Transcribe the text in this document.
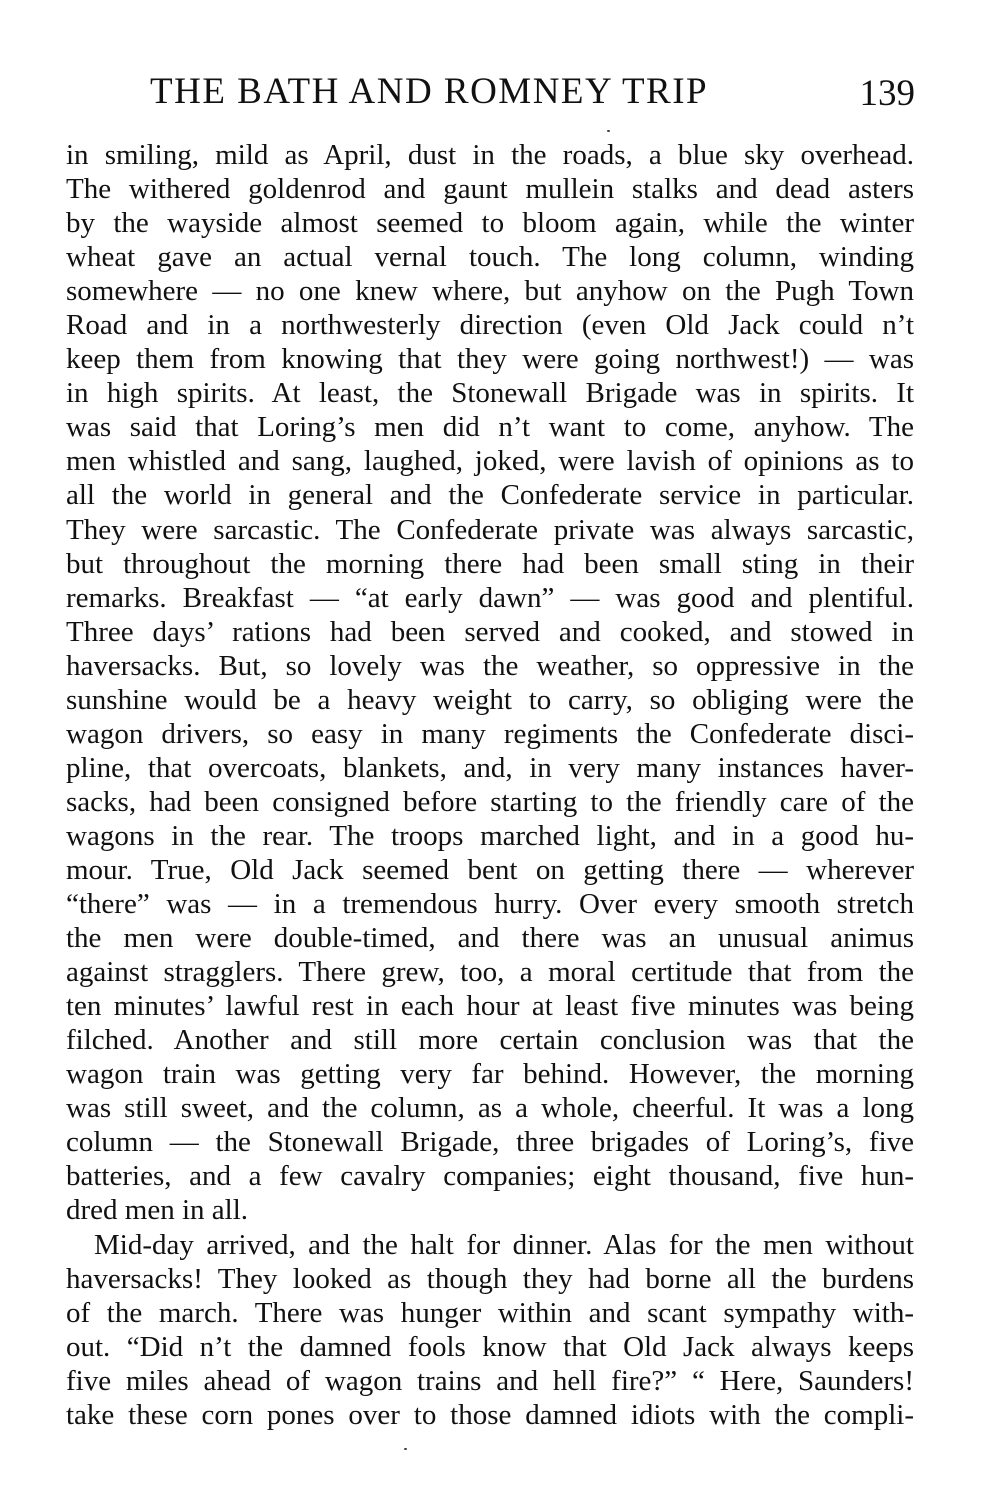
THE BATH AND ROMNEY TRIP	139
in smiling, mild as April, dust in the roads, a blue sky overhead.
The withered goldenrod and gaunt mullein stalks and dead asters
by the wayside almost seemed to bloom again, while the winter
wheat gave an actual vernal touch. The long column, winding
somewhere — no one knew where, but anyhow on the Pugh Town
Road and in a northwesterly direction (even Old Jack could n’t
keep them from knowing that they were going northwest!) — was
in high spirits. At least, the Stonewall Brigade was in spirits. It
was said that Loring’s men did n’t want to come, anyhow. The
men whistled and sang, laughed, joked, were lavish of opinions as to
all the world in general and the Confederate service in particular.
They were sarcastic. The Confederate private was always sarcastic,
but throughout the morning there had been small sting in their
remarks. Breakfast — “at early dawn” — was good and plentiful.
Three days’ rations had been served and cooked, and stowed in
haversacks. But, so lovely was the weather, so oppressive in the
sunshine would be a heavy weight to carry, so obliging were the
wagon drivers, so easy in many regiments the Confederate disci-
pline, that overcoats, blankets, and, in very many instances haver-
sacks, had been consigned before starting to the friendly care of the
wagons in the rear. The troops marched light, and in a good hu-
mour. True, Old Jack seemed bent on getting there — wherever
“there” was — in a tremendous hurry. Over every smooth stretch
the men were double-timed, and there was an unusual animus
against stragglers. There grew, too, a moral certitude that from the
ten minutes’ lawful rest in each hour at least five minutes was being
filched. Another and still more certain conclusion was that the
wagon train was getting very far behind. However, the morning
was still sweet, and the column, as a whole, cheerful. It was a long
column — the Stonewall Brigade, three brigades of Loring’s, five
batteries, and a few cavalry companies; eight thousand, five hun-
dred men in all.
Mid-day arrived, and the halt for dinner. Alas for the men without
haversacks! They looked as though they had borne all the burdens
of the march. There was hunger within and scant sympathy with-
out. “Did n’t the damned fools know that Old Jack always keeps
five miles ahead of wagon trains and hell fire?” “ Here, Saunders!
take these corn pones over to those damned idiots with the compli-
